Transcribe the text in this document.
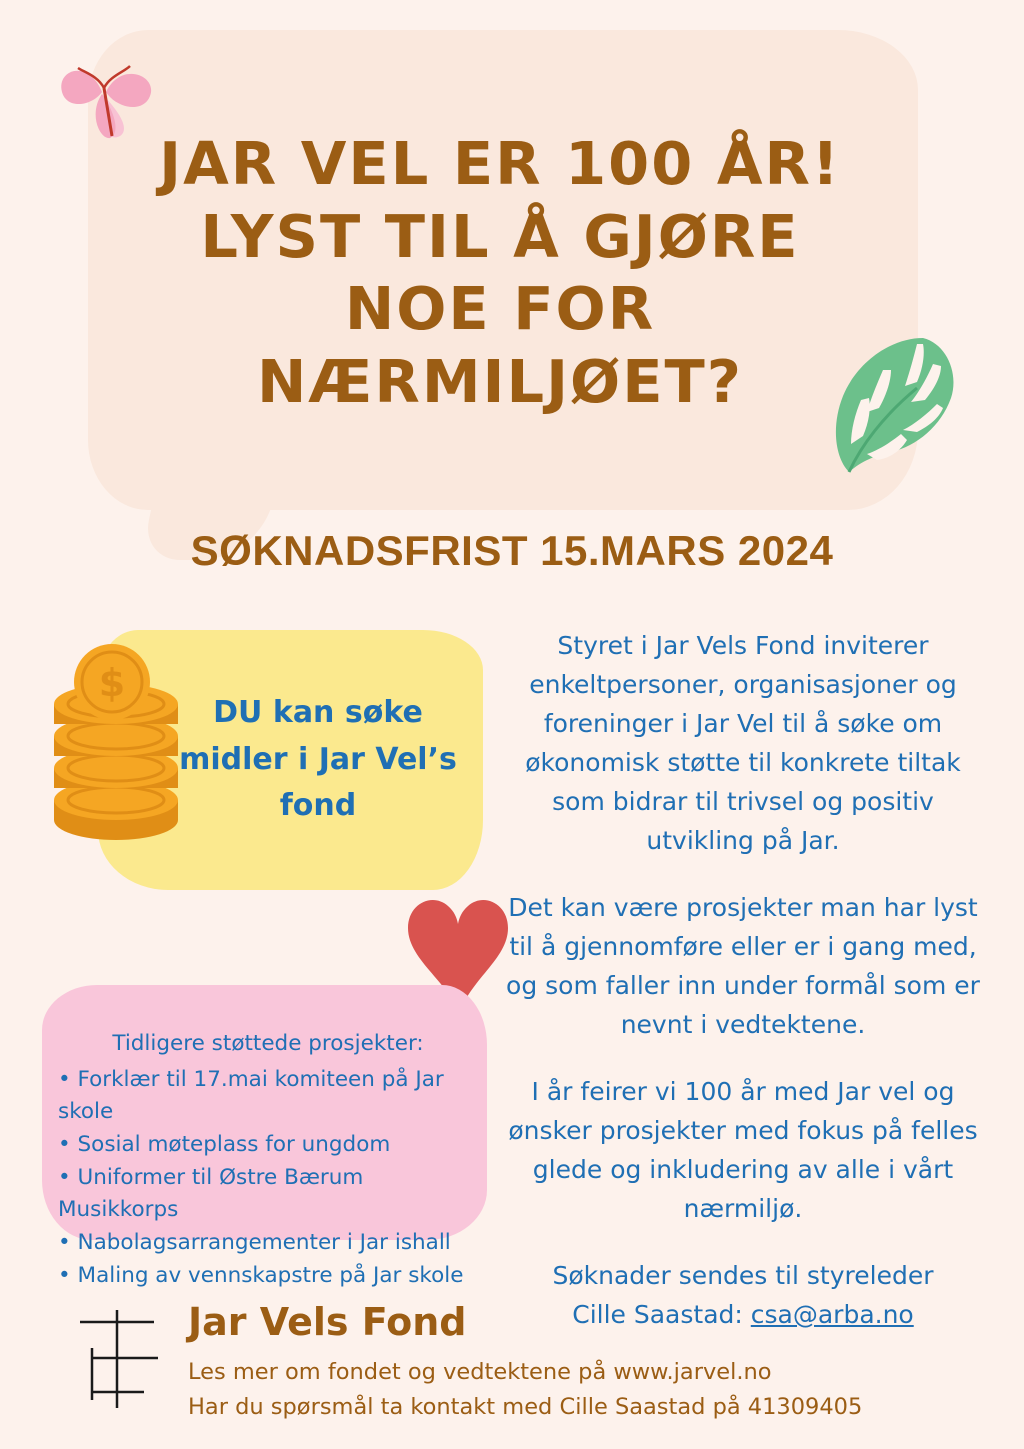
JAR VEL ER 100 ÅR!
LYST TIL Å GJØRE
NOE FOR
NÆRMILJØET?
SØKNADSFRIST 15.MARS 2024
$
DU kan søke midler i Jar Vel’s fond
Tidligere støttede prosjekter:
• Forklær til 17.mai komiteen på Jar skole
• Sosial møteplass for ungdom
• Uniformer til Østre Bærum Musikkorps
• Nabolagsarrangementer i Jar ishall
• Maling av vennskapstre på Jar skole

Styret i Jar Vels Fond inviterer enkeltpersoner, organisasjoner og foreninger i Jar Vel til å søke om økonomisk støtte til konkrete tiltak som bidrar til trivsel og positiv utvikling på Jar.

Det kan være prosjekter man har lyst til å gjennomføre eller er i gang med, og som faller inn under formål som er nevnt i vedtektene.

I år feirer vi 100 år med Jar vel og ønsker prosjekter med fokus på felles glede og inkludering av alle i vårt nærmiljø.

Søknader sendes til styreleder
Cille Saastad: csa@arba.no

Jar Vels Fond
Les mer om fondet og vedtektene på www.jarvel.no
Har du spørsmål ta kontakt med Cille Saastad på 41309405
